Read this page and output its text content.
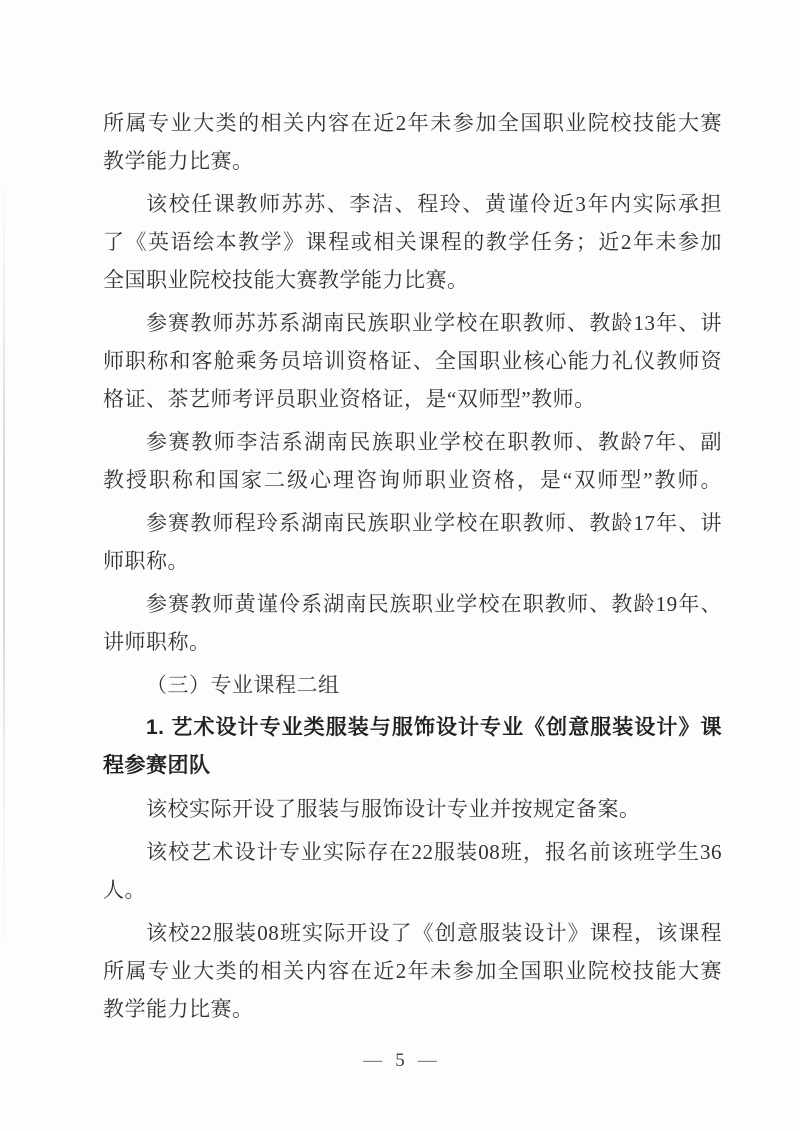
所属专业大类的相关内容在近2年未参加全国职业院校技能大赛
教学能力比赛。
该校任课教师苏苏、李洁、程玲、黄谨伶近3年内实际承担
了《英语绘本教学》课程或相关课程的教学任务；近2年未参加
全国职业院校技能大赛教学能力比赛。
参赛教师苏苏系湖南民族职业学校在职教师、教龄13年、讲
师职称和客舱乘务员培训资格证、全国职业核心能力礼仪教师资
格证、茶艺师考评员职业资格证，是“双师型”教师。
参赛教师李洁系湖南民族职业学校在职教师、教龄7年、副
教授职称和国家二级心理咨询师职业资格，是“双师型”教师。
参赛教师程玲系湖南民族职业学校在职教师、教龄17年、讲
师职称。
参赛教师黄谨伶系湖南民族职业学校在职教师、教龄19年、
讲师职称。
（三）专业课程二组
1. 艺术设计专业类服装与服饰设计专业《创意服装设计》课
程参赛团队
该校实际开设了服装与服饰设计专业并按规定备案。
该校艺术设计专业实际存在22服装08班，报名前该班学生36
人。
该校22服装08班实际开设了《创意服装设计》课程，该课程
所属专业大类的相关内容在近2年未参加全国职业院校技能大赛
教学能力比赛。
— 5 —
